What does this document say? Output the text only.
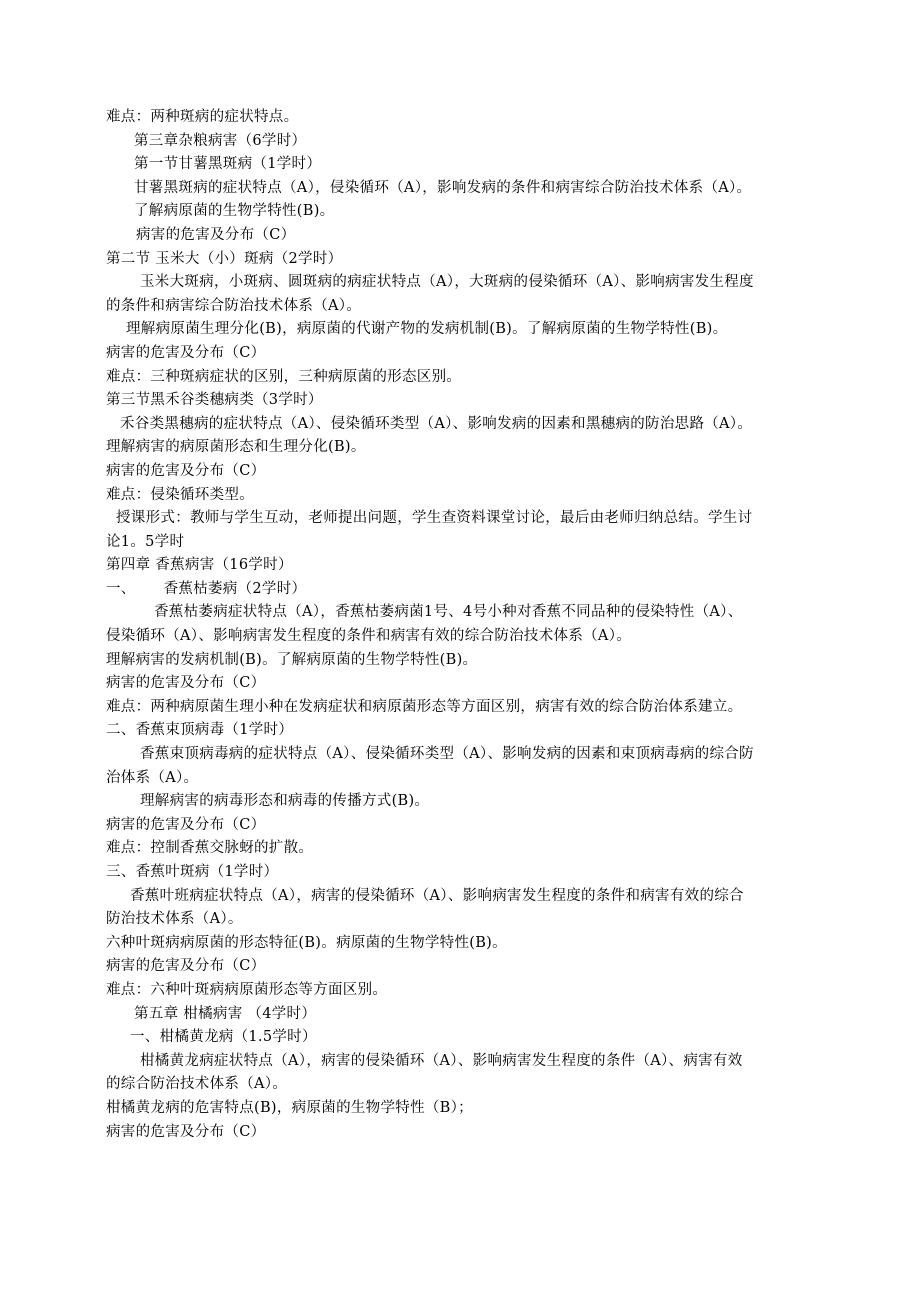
难点：两种斑病的症状特点。
第三章杂粮病害（6学时）
第一节甘薯黑斑病（1学时）
甘薯黑斑病的症状特点（A），侵染循环（A），影响发病的条件和病害综合防治技术体系（A）。
了解病原菌的生物学特性(B)。
病害的危害及分布（C）
第二节 玉米大（小）斑病（2学时）
玉米大斑病，小斑病、圆斑病的病症状特点（A），大斑病的侵染循环（A）、影响病害发生程度
的条件和病害综合防治技术体系（A）。
理解病原菌生理分化(B)，病原菌的代谢产物的发病机制(B)。了解病原菌的生物学特性(B)。
病害的危害及分布（C）
难点：三种斑病症状的区别，三种病原菌的形态区别。
第三节黑禾谷类穗病类（3学时）
禾谷类黑穗病的症状特点（A）、侵染循环类型（A）、影响发病的因素和黑穗病的防治思路（A）。
理解病害的病原菌形态和生理分化(B)。
病害的危害及分布（C）
难点：侵染循环类型。
授课形式：教师与学生互动，老师提出问题，学生查资料课堂讨论，最后由老师归纳总结。学生讨
论1。5学时
第四章 香蕉病害（16学时）
一、 香蕉枯萎病（2学时）
香蕉枯萎病症状特点（A），香蕉枯萎病菌1号、4号小种对香蕉不同品种的侵染特性（A）、
侵染循环（A）、影响病害发生程度的条件和病害有效的综合防治技术体系（A）。
理解病害的发病机制(B)。了解病原菌的生物学特性(B)。
病害的危害及分布（C）
难点：两种病原菌生理小种在发病症状和病原菌形态等方面区别，病害有效的综合防治体系建立。
二、香蕉束顶病毒（1学时）
香蕉束顶病毒病的症状特点（A）、侵染循环类型（A）、影响发病的因素和束顶病毒病的综合防
治体系（A）。
理解病害的病毒形态和病毒的传播方式(B)。
病害的危害及分布（C）
难点：控制香蕉交脉蚜的扩散。
三、香蕉叶斑病（1学时）
香蕉叶班病症状特点（A），病害的侵染循环（A）、影响病害发生程度的条件和病害有效的综合
防治技术体系（A）。
六种叶斑病病原菌的形态特征(B)。病原菌的生物学特性(B)。
病害的危害及分布（C）
难点：六种叶斑病病原菌形态等方面区别。
第五章 柑橘病害 （4学时）
一、柑橘黄龙病（1.5学时）
柑橘黄龙病症状特点（A），病害的侵染循环（A）、影响病害发生程度的条件（A）、病害有效
的综合防治技术体系（A）。
柑橘黄龙病的危害特点(B)，病原菌的生物学特性（B）；
病害的危害及分布（C）
